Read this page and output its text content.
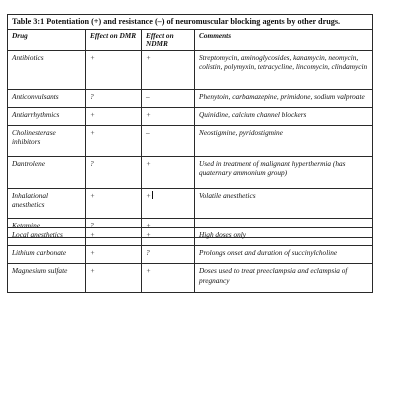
Table 3:1 Potentiation (+) and resistance (–) of neuromuscular blocking agents by other drugs.			
Drug	Effect on DMR	Effect on NDMR	Comments
Antibiotics	+	+	Streptomycin, aminoglycosides, kanamycin, neomycin, colistin, polymyxin, tetracycline, lincomycin, clindamycin
Anticonvulsants	?	–	Phenytoin, carbamazepine, primidone, sodium valproate
Antiarrhythmics	+	+	Quinidine, calcium channel blockers
Cholinesterase inhibitors	+	–	Neostigmine, pyridostigmine
Dantrolene	?	+	Used in treatment of malignant hyperthermia (has quaternary ammonium group)
Inhalational anesthetics	+	+	Volatile anesthetics
Ketamine	?	+	
Local anesthetics	+	+	High doses only
Lithium carbonate	+	?	Prolongs onset and duration of succinylcholine
Magnesium sulfate	+	+	Doses used to treat preeclampsia and eclampsia of pregnancy
